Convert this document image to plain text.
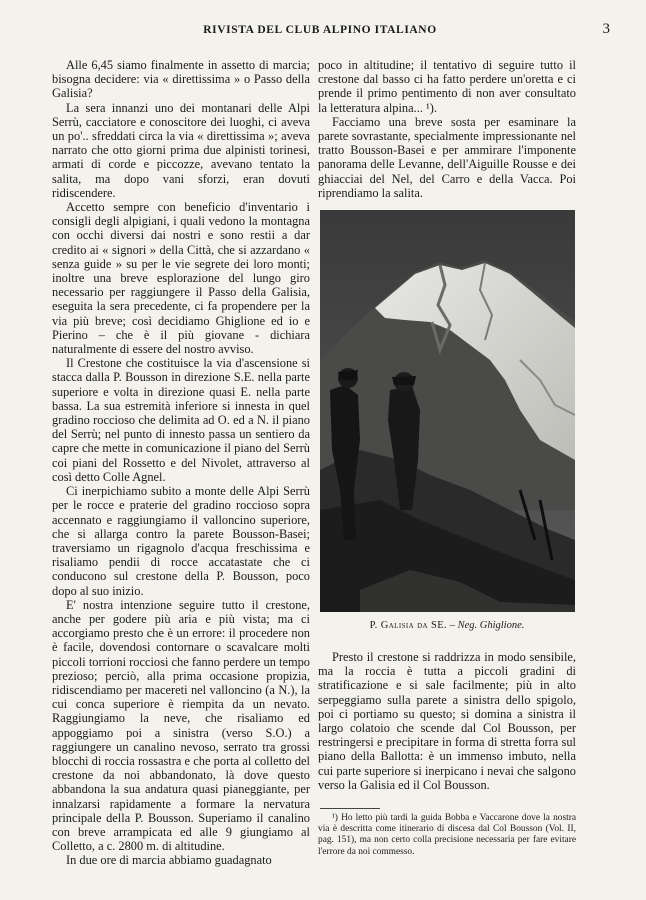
RIVISTA DEL CLUB ALPINO ITALIANO	3

Alle 6,45 siamo finalmente in assetto di marcia; bisogna decidere: via « direttissima » o Passo della Galisia?

La sera innanzi uno dei montanari delle Alpi Serrù, cacciatore e conoscitore dei luoghi, ci aveva un po'.. sfreddati circa la via « direttissima »; aveva narrato che otto giorni prima due alpinisti torinesi, armati di corde e piccozze, avevano tentato la salita, ma dopo vani sforzi, eran dovuti ridiscendere.

Accetto sempre con beneficio d'inventario i consigli degli alpigiani, i quali vedono la montagna con occhi diversi dai nostri e sono restii a dar credito ai « signori » della Città, che si azzardano « senza guide » su per le vie segrete dei loro monti; inoltre una breve esplorazione del lungo giro necessario per raggiungere il Passo della Galisia, eseguita la sera precedente, ci fa propendere per la via più breve; così decidiamo Ghiglione ed io e Pierino – che è il più giovane - dichiara naturalmente di essere del nostro avviso.

Il Crestone che costituisce la via d'ascensione si stacca dalla P. Bousson in direzione S.E. nella parte superiore e volta in direzione quasi E. nella parte bassa. La sua estremità inferiore si innesta in quel gradino roccioso che delimita ad O. ed a N. il piano del Serrù; nel punto di innesto passa un sentiero da capre che mette in comunicazione il piano del Serrù coi piani del Rossetto e del Nivolet, attraverso al così detto Colle Agnel.

Ci inerpichiamo subito a monte delle Alpi Serrù per le rocce e praterie del gradino roccioso sopra accennato e raggiungiamo il valloncino superiore, che si allarga contro la parete Bousson-Basei; traversiamo un rigagnolo d'acqua freschissima e risaliamo pendii di rocce accatastate che ci conducono sul crestone della P. Bousson, poco dopo al suo inizio.

E' nostra intenzione seguire tutto il crestone, anche per godere più aria e più vista; ma ci accorgiamo presto che è un errore: il procedere non è facile, dovendosi contornare o scavalcare molti piccoli torrioni rocciosi che fanno perdere un tempo prezioso; perciò, alla prima occasione propizia, ridiscendiamo per macereti nel valloncino (a N.), la cui conca superiore è riempita da un nevato. Raggiungiamo la neve, che risaliamo ed appoggiamo poi a sinistra (verso S.O.) a raggiungere un canalino nevoso, serrato tra grossi blocchi di roccia rossastra e che porta al colletto del crestone da noi abbandonato, là dove questo abbandona la sua andatura quasi pianeggiante, per innalzarsi rapidamente a formare la nervatura principale della P. Bousson. Superiamo il canalino con breve arrampicata ed alle 9 giungiamo al Colletto, a c. 2800 m. di altitudine.

In due ore di marcia abbiamo guadagnato

poco in altitudine; il tentativo di seguire tutto il crestone dal basso ci ha fatto perdere un'oretta e ci prende il primo pentimento di non aver consultato la letteratura alpina... ¹).

Facciamo una breve sosta per esaminare la parete sovrastante, specialmente impressionante nel tratto Bousson-Basei e per ammirare l'imponente panorama delle Levanne, dell'Aiguille Rousse e dei ghiacciai del Nel, del Carro e della Vacca. Poi riprendiamo la salita.

P. Galisia da SE. – Neg. Ghiglione.

Presto il crestone si raddrizza in modo sensibile, ma la roccia è tutta a piccoli gradini di stratificazione e si sale facilmente; più in alto serpeggiamo sulla parete a sinistra dello spigolo, poi ci portiamo su questo; si domina a sinistra il largo colatoio che scende dal Col Bousson, per restringersi e precipitare in forma di stretta forra sul piano della Ballotta: è un immenso imbuto, nella cui parte superiore si inerpicano i nevai che salgono verso la Galisia ed il Col Bousson.

¹) Ho letto più tardi la guida Bobba e Vaccarone dove la nostra via è descritta come itinerario di discesa dal Col Bousson (Vol. II, pag. 151), ma non certo colla precisione necessaria per fare evitare l'errore da noi commesso.
